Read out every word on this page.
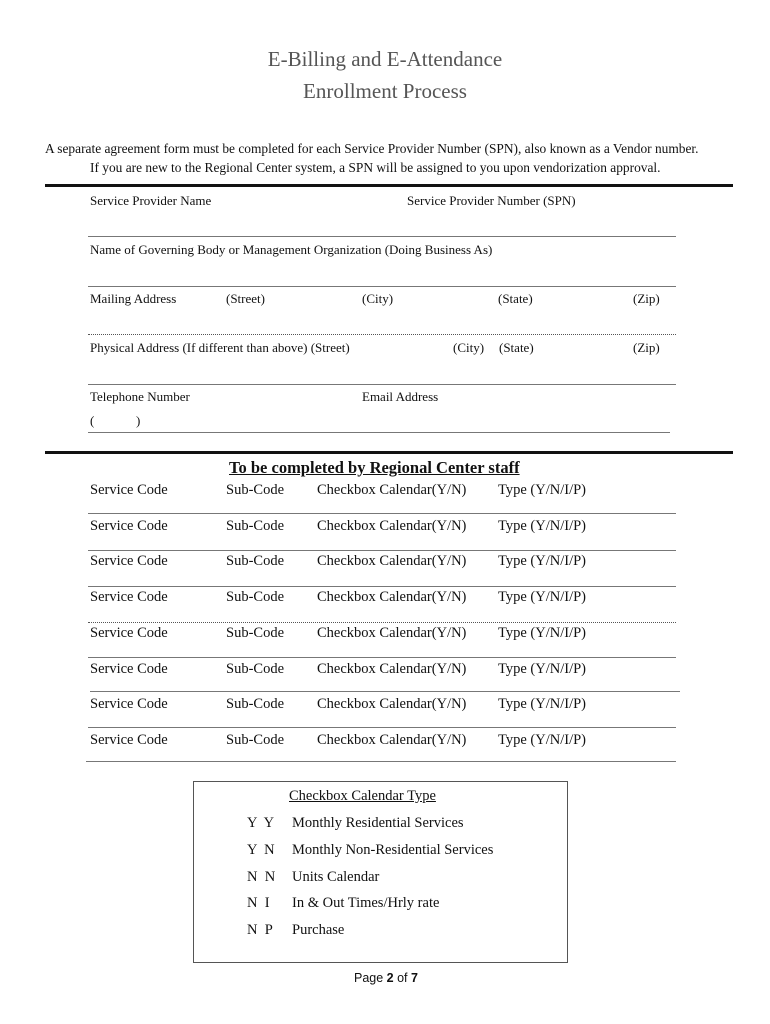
E-Billing and E-Attendance
Enrollment Process
A separate agreement form must be completed for each Service Provider Number (SPN), also known as a Vendor number.
If you are new to the Regional Center system, a SPN will be assigned to you upon vendorization approval.
Service Provider Name	Service Provider Number (SPN)
Name of Governing Body or Management Organization (Doing Business As)
Mailing Address	(Street)	(City)	(State)	(Zip)
Physical Address (If different than above) (Street)	(City) (State)	(Zip)
Telephone Number	Email Address
(	)
To be completed by Regional Center staff
Service Code	Sub-Code Checkbox Calendar(Y/N) Type (Y/N/I/P)
Service Code	Sub-Code Checkbox Calendar(Y/N) Type (Y/N/I/P)
Service Code	Sub-Code Checkbox Calendar(Y/N) Type (Y/N/I/P)
Service Code	Sub-Code Checkbox Calendar(Y/N) Type (Y/N/I/P)
Service Code	Sub-Code Checkbox Calendar(Y/N) Type (Y/N/I/P)
Service Code	Sub-Code Checkbox Calendar(Y/N) Type (Y/N/I/P)
Service Code	Sub-Code Checkbox Calendar(Y/N) Type (Y/N/I/P)
Service Code	Sub-Code Checkbox Calendar(Y/N) Type (Y/N/I/P)
Checkbox Calendar Type
Y  Y Monthly Residential Services
Y  N Monthly Non-Residential Services
N  N Units Calendar
N  I In & Out Times/Hrly rate
N  P Purchase
Page 2 of 7
